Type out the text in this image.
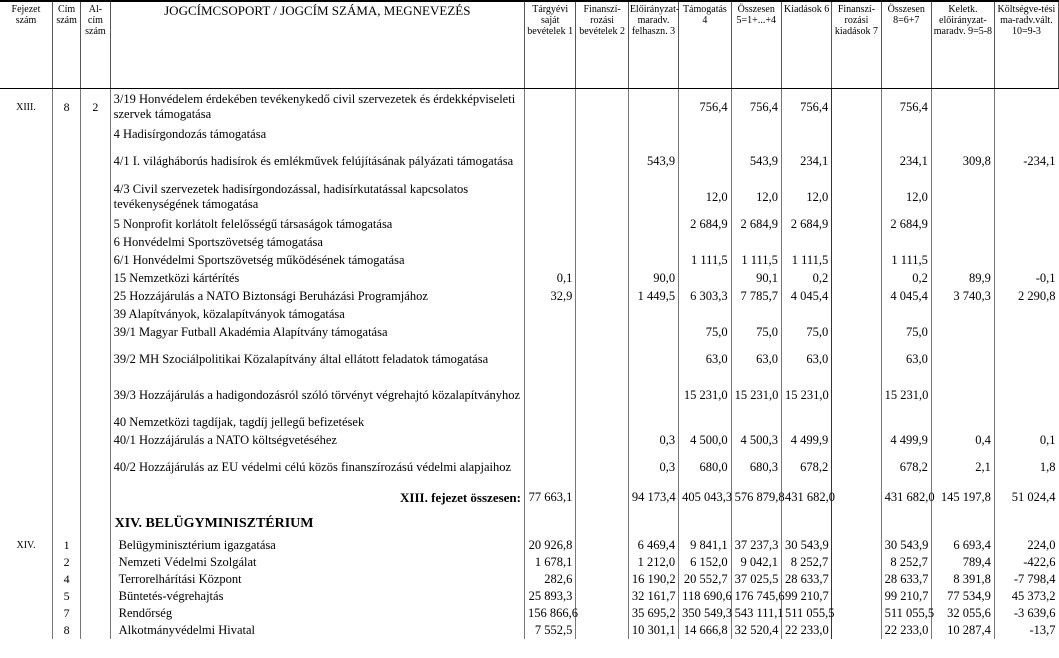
Fejezet szám	Cím szám	Al-cím szám	JOGCÍMCSOPORT / JOGCÍM SZÁMA, MEGNEVEZÉS	Tárgyévi saját bevételek 1	Finanszí-rozási bevételek 2	Előirányzat-maradv. felhaszn. 3	Támogatás 4	Összesen 5=1+...+4	Kiadások 6	Finanszí-rozási kiadások 7	Összesen 8=6+7	Keletk. előirányzat-maradv. 9=5-8	Költségve-tési ma-radv.vált. 10=9-3
XIII.	8	2	3/19 Honvédelem érdekében tevékenykedő civil szervezetek és érdekképviseleti szervek támogatása				756,4	756,4	756,4		756,4		
			4 Hadisírgondozás támogatása										
			4/1 I. világháborús hadisírok és emlékművek felújításának pályázati támogatása			543,9		543,9	234,1		234,1	309,8	-234,1
			4/3 Civil szervezetek hadisírgondozással, hadisírkutatással kapcsolatos tevékenységének támogatása				12,0	12,0	12,0		12,0		
			5 Nonprofit korlátolt felelősségű társaságok támogatása				2 684,9	2 684,9	2 684,9		2 684,9		
			6 Honvédelmi Sportszövetség támogatása										
			6/1 Honvédelmi Sportszövetség működésének támogatása				1 111,5	1 111,5	1 111,5		1 111,5		
			15 Nemzetközi kártérítés	0,1		90,0		90,1	0,2		0,2	89,9	-0,1
			25 Hozzájárulás a NATO Biztonsági Beruházási Programjához	32,9		1 449,5	6 303,3	7 785,7	4 045,4		4 045,4	3 740,3	2 290,8
			39 Alapítványok, közalapítványok támogatása										
			39/1 Magyar Futball Akadémia Alapítvány támogatása				75,0	75,0	75,0		75,0		
			39/2 MH Szociálpolitikai Közalapítvány által ellátott feladatok támogatása				63,0	63,0	63,0		63,0		
			39/3 Hozzájárulás a hadigondozásról szóló törvényt végrehajtó közalapítványhoz				15 231,0	15 231,0	15 231,0		15 231,0		
			40 Nemzetközi tagdíjak, tagdíj jellegű befizetések										
			40/1 Hozzájárulás a NATO költségvetéséhez			0,3	4 500,0	4 500,3	4 499,9		4 499,9	0,4	0,1
			40/2 Hozzájárulás az EU védelmi célú közös finanszírozású védelmi alapjaihoz			0,3	680,0	680,3	678,2		678,2	2,1	1,8
			XIII. fejezet összesen:	77 663,1		94 173,4	405 043,3	576 879,8	431 682,0		431 682,0	145 197,8	51 024,4
			XIV. BELÜGYMINISZTÉRIUM										
XIV.	1		Belügyminisztérium igazgatása	20 926,8		6 469,4	9 841,1	37 237,3	30 543,9		30 543,9	6 693,4	224,0
	2		Nemzeti Védelmi Szolgálat	1 678,1		1 212,0	6 152,0	9 042,1	8 252,7		8 252,7	789,4	-422,6
	4		Terrorelhárítási Központ	282,6		16 190,2	20 552,7	37 025,5	28 633,7		28 633,7	8 391,8	-7 798,4
	5		Büntetés-végrehajtás	25 893,3		32 161,7	118 690,6	176 745,6	99 210,7		99 210,7	77 534,9	45 373,2
	7		Rendőrség	156 866,6		35 695,2	350 549,3	543 111,1	511 055,5		511 055,5	32 055,6	-3 639,6
	8		Alkotmányvédelmi Hivatal	7 552,5		10 301,1	14 666,8	32 520,4	22 233,0		22 233,0	10 287,4	-13,7
